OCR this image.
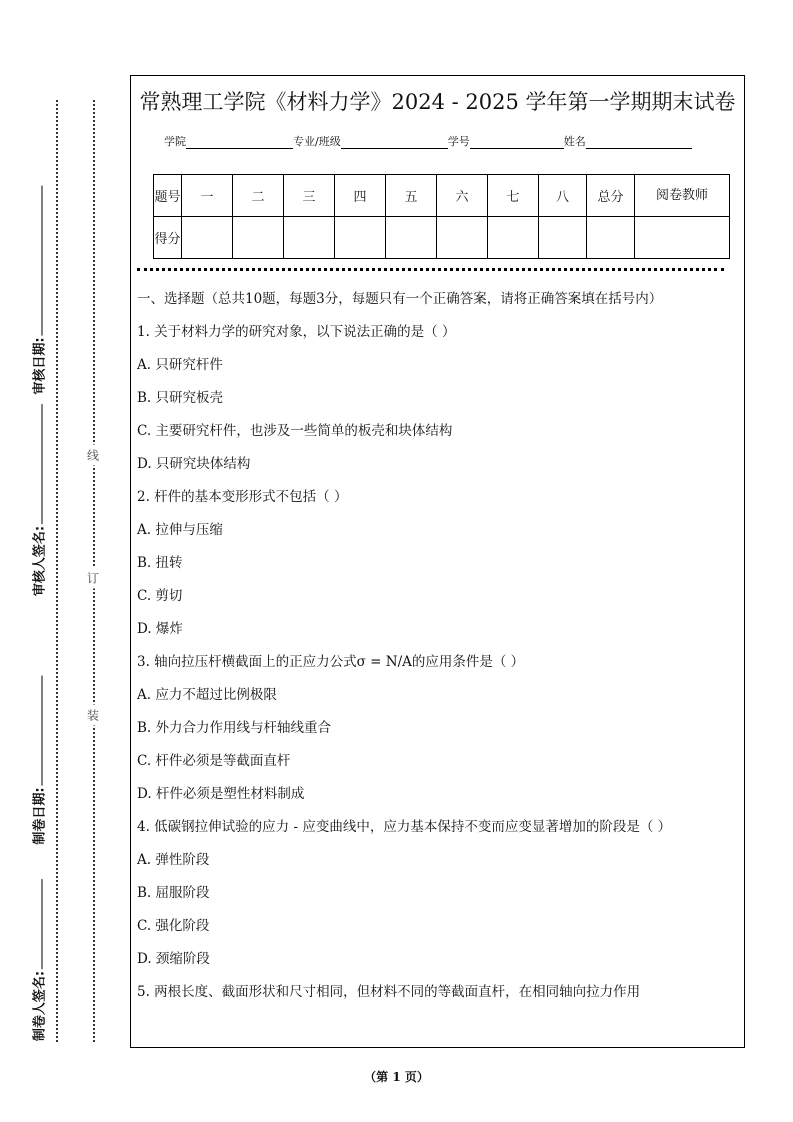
审核日期:
审核人签名:
制卷日期:
制卷人签名:
线
订
装
常熟理工学院《材料力学》2024 - 2025 学年第一学期期末试卷
学院	专业/班级	学号	姓名
题号	一	二	三	四	五	六	七	八	总分	阅卷教师
得分										
一、选择题（总共10题，每题3分，每题只有一个正确答案，请将正确答案填在括号内）
1. 关于材料力学的研究对象，以下说法正确的是（ ）
A. 只研究杆件
B. 只研究板壳
C. 主要研究杆件，也涉及一些简单的板壳和块体结构
D. 只研究块体结构
2. 杆件的基本变形形式不包括（ ）
A. 拉伸与压缩
B. 扭转
C. 剪切
D. 爆炸
3. 轴向拉压杆横截面上的正应力公式σ = N/A的应用条件是（ ）
A. 应力不超过比例极限
B. 外力合力作用线与杆轴线重合
C. 杆件必须是等截面直杆
D. 杆件必须是塑性材料制成
4. 低碳钢拉伸试验的应力 - 应变曲线中，应力基本保持不变而应变显著增加的阶段是（ ）
A. 弹性阶段
B. 屈服阶段
C. 强化阶段
D. 颈缩阶段
5. 两根长度、截面形状和尺寸相同，但材料不同的等截面直杆，在相同轴向拉力作用
（第 1 页）
